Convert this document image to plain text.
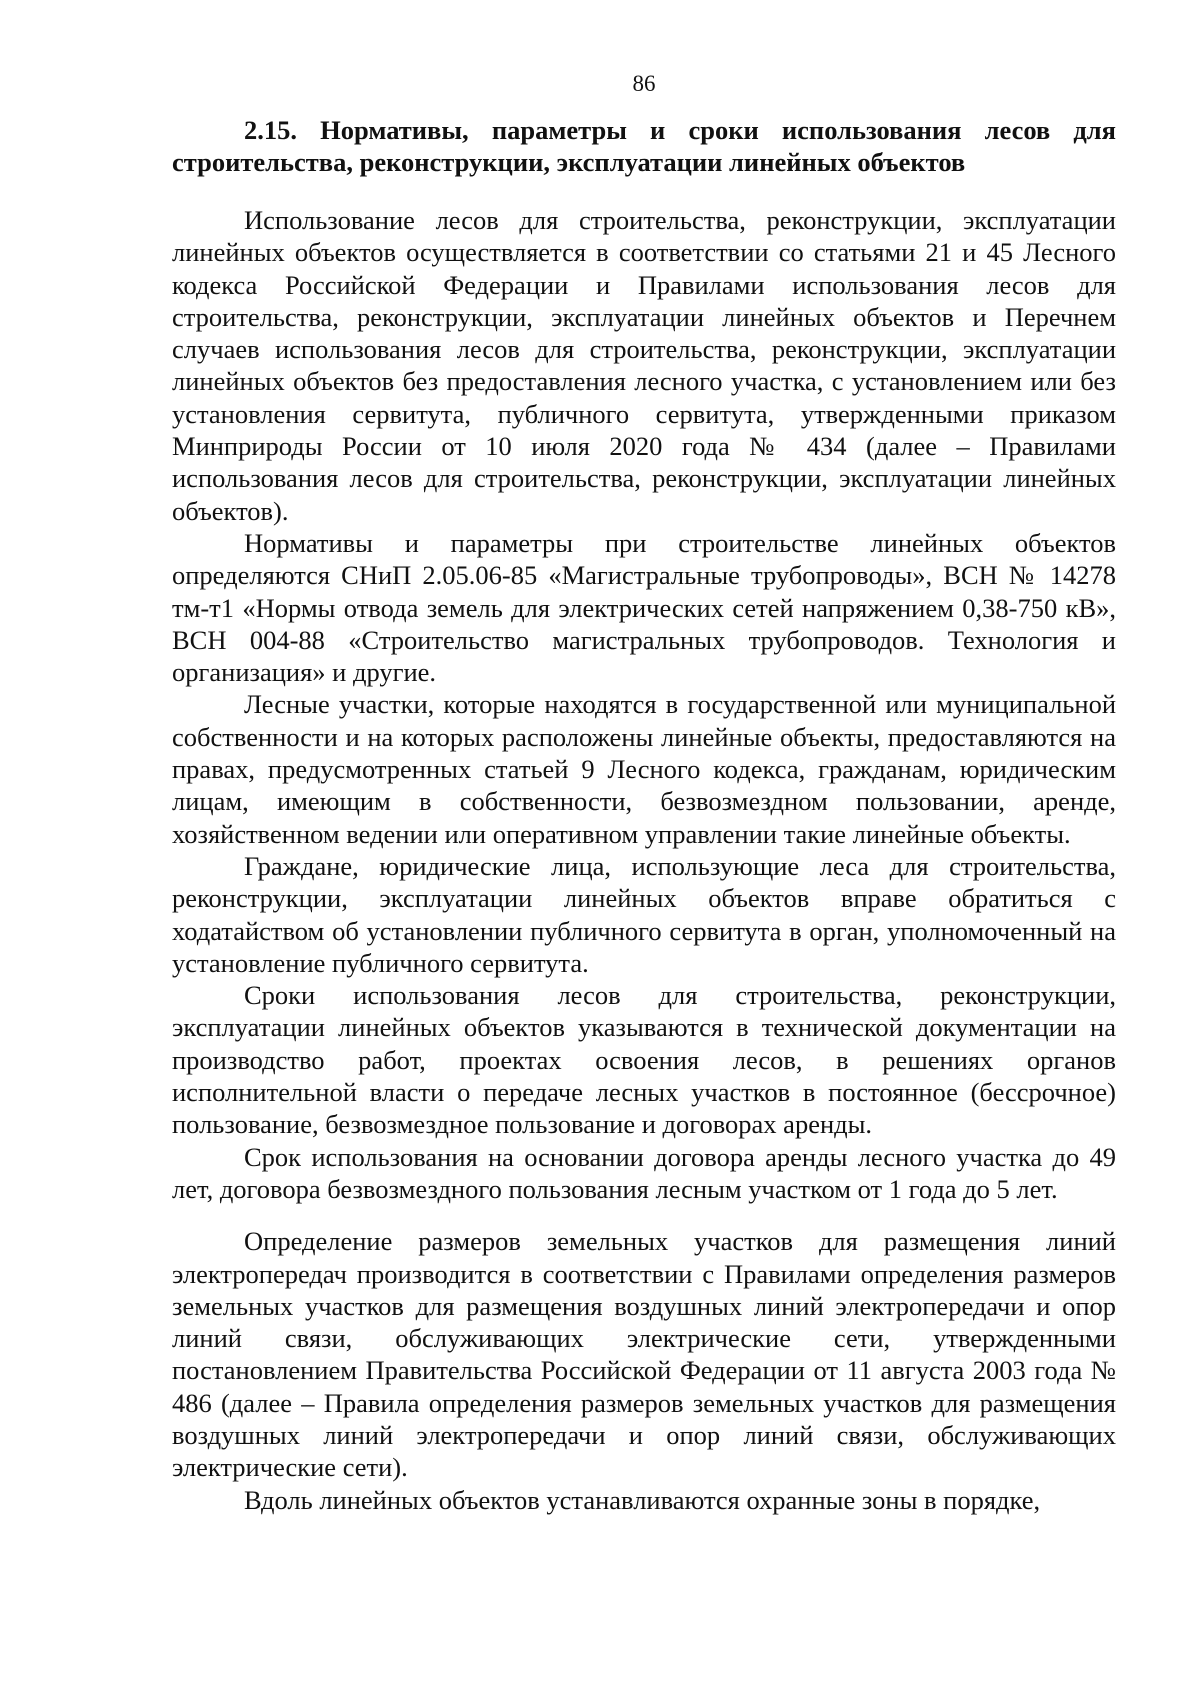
86
2.15. Нормативы, параметры и сроки использования лесов для строительства, реконструкции, эксплуатации линейных объектов

Использование лесов для строительства, реконструкции, эксплуатации линейных объектов осуществляется в соответствии со статьями 21 и 45 Лесного кодекса Российской Федерации и Правилами использования лесов для строительства, реконструкции, эксплуатации линейных объектов и Перечнем случаев использования лесов для строительства, реконструкции, эксплуатации линейных объектов без предоставления лесного участка, с установлением или без установления сервитута, публичного сервитута, утвержденными приказом Минприроды России от 10 июля 2020 года № 434 (далее – Правилами использования лесов для строительства, реконструкции, эксплуатации линейных объектов).

Нормативы и параметры при строительстве линейных объектов определяются СНиП 2.05.06-85 «Магистральные трубопроводы», ВСН № 14278 тм-т1 «Нормы отвода земель для электрических сетей напряжением 0,38-750 кВ», ВСН 004-88 «Строительство магистральных трубопроводов. Технология и организация» и другие.

Лесные участки, которые находятся в государственной или муниципальной собственности и на которых расположены линейные объекты, предоставляются на правах, предусмотренных статьей 9 Лесного кодекса, гражданам, юридическим лицам, имеющим в собственности, безвозмездном пользовании, аренде, хозяйственном ведении или оперативном управлении такие линейные объекты.

Граждане, юридические лица, использующие леса для строительства, реконструкции, эксплуатации линейных объектов вправе обратиться с ходатайством об установлении публичного сервитута в орган, уполномоченный на установление публичного сервитута.

Сроки использования лесов для строительства, реконструкции, эксплуатации линейных объектов указываются в технической документации на производство работ, проектах освоения лесов, в решениях органов исполнительной власти о передаче лесных участков в постоянное (бессрочное) пользование, безвозмездное пользование и договорах аренды.

Срок использования на основании договора аренды лесного участка до 49 лет, договора безвозмездного пользования лесным участком от 1 года до 5 лет.

Определение размеров земельных участков для размещения линий электропередач производится в соответствии с Правилами определения размеров земельных участков для размещения воздушных линий электропередачи и опор линий связи, обслуживающих электрические сети, утвержденными постановлением Правительства Российской Федерации от 11 августа 2003 года № 486 (далее – Правила определения размеров земельных участков для размещения воздушных линий электропередачи и опор линий связи, обслуживающих электрические сети).

Вдоль линейных объектов устанавливаются охранные зоны в порядке,
